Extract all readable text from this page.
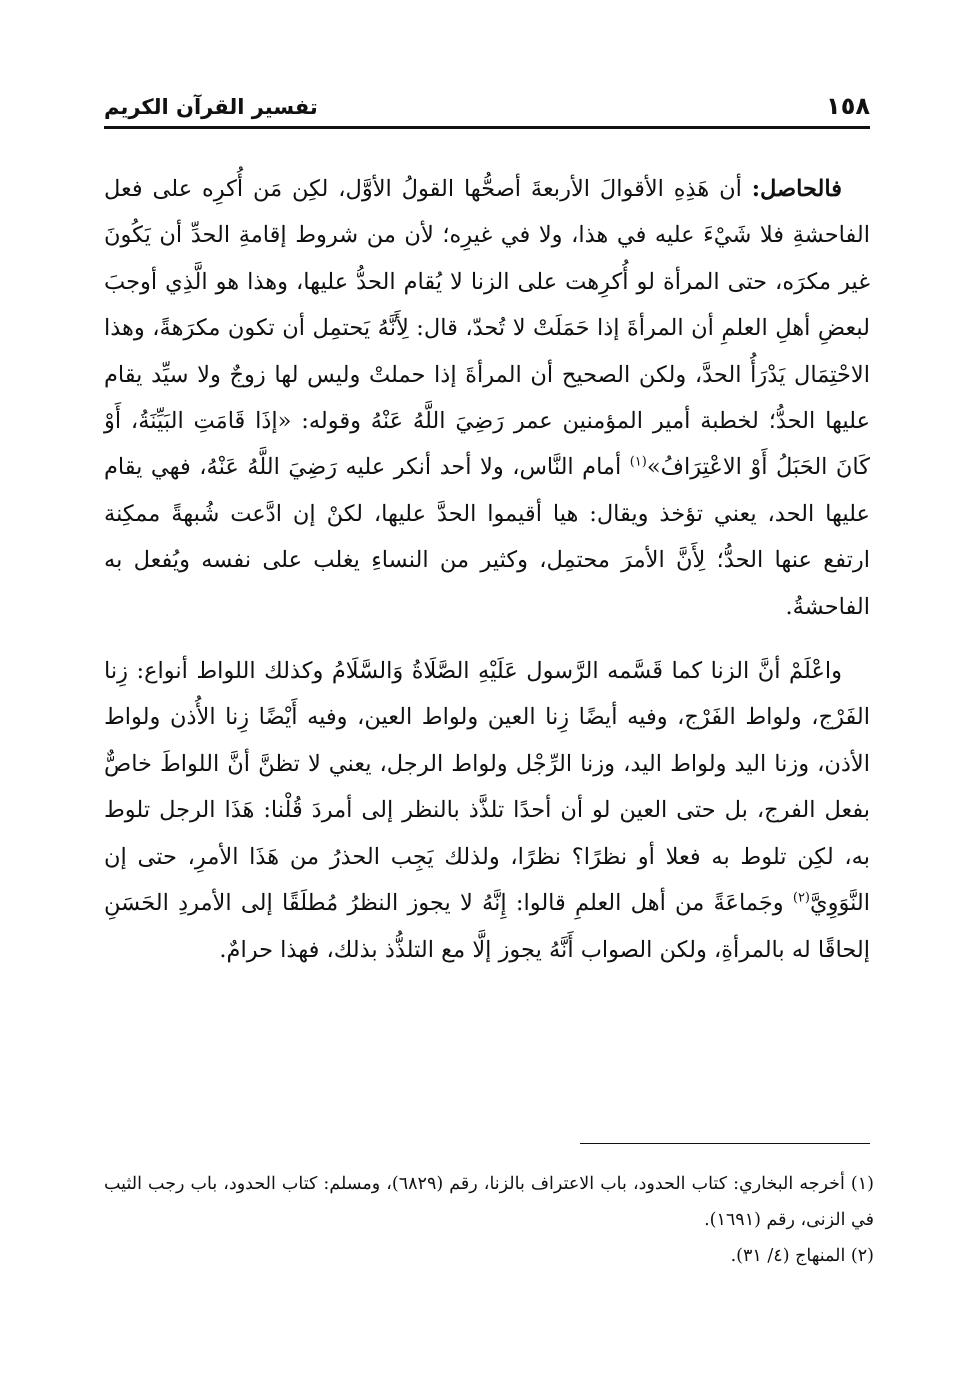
١٥٨
تفسير القرآن الكريم

فالحاصل: أن هَذِهِ الأقوالَ الأربعةَ أصحُّها القولُ الأوَّل، لكِن مَن أُكرِه على فعل الفاحشةِ فلا شَيْءَ عليه في هذا، ولا في غيرِه؛ لأن من شروط إقامةِ الحدِّ أن يَكُونَ غير مكرَه، حتى المرأة لو أُكرِهت على الزنا لا يُقام الحدُّ عليها، وهذا هو الَّذِي أوجبَ لبعضِ أهلِ العلمِ أن المرأةَ إذا حَمَلَتْ لا تُحدّ، قال: لِأَنَّهُ يَحتمِل أن تكون مكرَهةً، وهذا الاحْتِمَال يَدْرَأُ الحدَّ، ولكن الصحيح أن المرأةَ إذا حملتْ وليس لها زوجٌ ولا سيِّد يقام عليها الحدُّ؛ لخطبة أمير المؤمنين عمر رَضِيَ اللَّهُ عَنْهُ وقوله: «إذَا قَامَتِ البَيِّنَةُ، أَوْ كَانَ الحَبَلُ أَوْ الاعْتِرَافُ»$^{(١)}$ أمام النَّاس، ولا أحد أنكر عليه رَضِيَ اللَّهُ عَنْهُ، فهي يقام عليها الحد، يعني تؤخذ ويقال: هيا أقيموا الحدَّ عليها، لكنْ إن ادَّعت شُبهةً ممكِنة ارتفع عنها الحدُّ؛ لِأَنَّ الأمرَ محتمِل، وكثير من النساءِ يغلب على نفسه ويُفعل به الفاحشةُ.

واعْلَمْ أنَّ الزنا كما قَسَّمه الرَّسول عَلَيْهِ الصَّلَاةُ وَالسَّلَامُ وكذلك اللواط أنواع: زِنا الفَرْج، ولواط الفَرْج، وفيه أيضًا زِنا العين ولواط العين، وفيه أَيْضًا زِنا الأُذن ولواط الأذن، وزنا اليد ولواط اليد، وزنا الرِّجْل ولواط الرجل، يعني لا تظنَّ أنَّ اللواطَ خاصٌّ بفعل الفرج، بل حتى العين لو أن أحدًا تلذَّذ بالنظر إلى أمردَ قُلْنا: هَذَا الرجل تلوط به، لكِن تلوط به فعلا أو نظرًا؟ نظرًا، ولذلك يَجِب الحذرُ من هَذَا الأمرِ، حتى إن النَّوَوِيَّ$^{(٢)}$ وجَماعَةً من أهل العلمِ قالوا: إِنَّهُ لا يجوز النظرُ مُطلَقًا إلى الأمردِ الحَسَنِ إلحاقًا له بالمرأةِ، ولكن الصواب أَنَّهُ يجوز إلَّا مع التلذُّذ بذلك، فهذا حرامٌ.

(١) أخرجه البخاري: كتاب الحدود، باب الاعتراف بالزنا، رقم (٦٨٢٩)، ومسلم: كتاب الحدود، باب رجب الثيب في الزنى، رقم (١٦٩١).

(٢) المنهاج (٤/ ٣١).
